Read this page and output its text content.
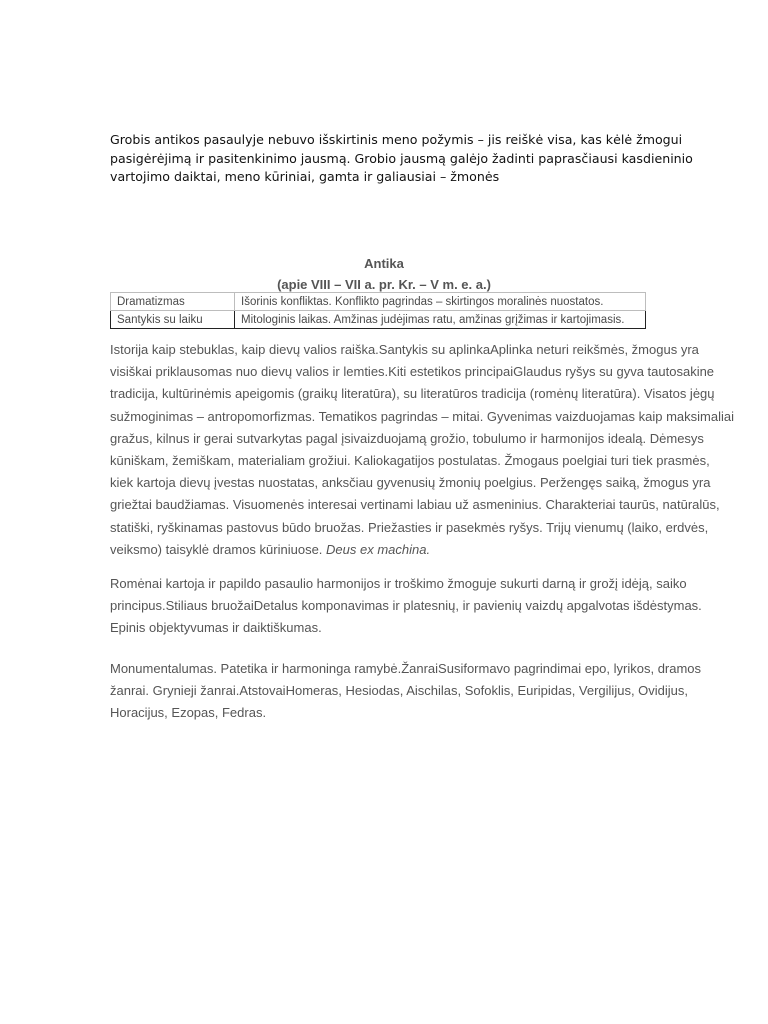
Grobis antikos pasaulyje nebuvo išskirtinis meno požymis – jis reiškė visa, kas kėlė žmogui pasigėrėjimą ir pasitenkinimo jausmą. Grobio jausmą galėjo žadinti paprasčiausi kasdieninio vartojimo daiktai, meno kūriniai, gamta ir galiausiai – žmonės

Antika

(apie VIII – VII a. pr. Kr. – V m. e. a.)

Dramatizmas	Išorinis konfliktas. Konflikto pagrindas – skirtingos moralinės nuostatos.
Santykis su laiku	Mitologinis laikas. Amžinas judėjimas ratu, amžinas grįžimas ir kartojimasis.

Istorija kaip stebuklas, kaip dievų valios raiška.Santykis su aplinkaAplinka neturi reikšmės, žmogus yra visiškai priklausomas nuo dievų valios ir lemties.Kiti estetikos principaiGlaudus ryšys su gyva tautosakine tradicija, kultūrinėmis apeigomis (graikų literatūra), su literatūros tradicija (romėnų literatūra). Visatos jėgų sužmoginimas – antropomorfizmas. Tematikos pagrindas – mitai. Gyvenimas vaizduojamas kaip maksimaliai gražus, kilnus ir gerai sutvarkytas pagal įsivaizduojamą grožio, tobulumo ir harmonijos idealą. Dėmesys kūniškam, žemiškam, materialiam grožiui. Kaliokagatijos postulatas. Žmogaus poelgiai turi tiek prasmės, kiek kartoja dievų įvestas nuostatas, anksčiau gyvenusių žmonių poelgius. Peržengęs saiką, žmogus yra griežtai baudžiamas. Visuomenės interesai vertinami labiau už asmeninius. Charakteriai taurūs, natūralūs, statiški, ryškinamas pastovus būdo bruožas. Priežasties ir pasekmės ryšys. Trijų vienumų (laiko, erdvės, veiksmo) taisyklė dramos kūriniuose. Deus ex machina.

Romėnai kartoja ir papildo pasaulio harmonijos ir troškimo žmoguje sukurti darną ir grožį idėją, saiko principus.Stiliaus bruožaiDetalus komponavimas ir platesnių, ir pavienių vaizdų apgalvotas išdėstymas. Epinis objektyvumas ir daiktiškumas.

Monumentalumas. Patetika ir harmoninga ramybė.ŽanraiSusiformavo pagrindimai epo, lyrikos, dramos žanrai. Grynieji žanrai.AtstovaiHomeras, Hesiodas, Aischilas, Sofoklis, Euripidas, Vergilijus, Ovidijus, Horacijus, Ezopas, Fedras.
